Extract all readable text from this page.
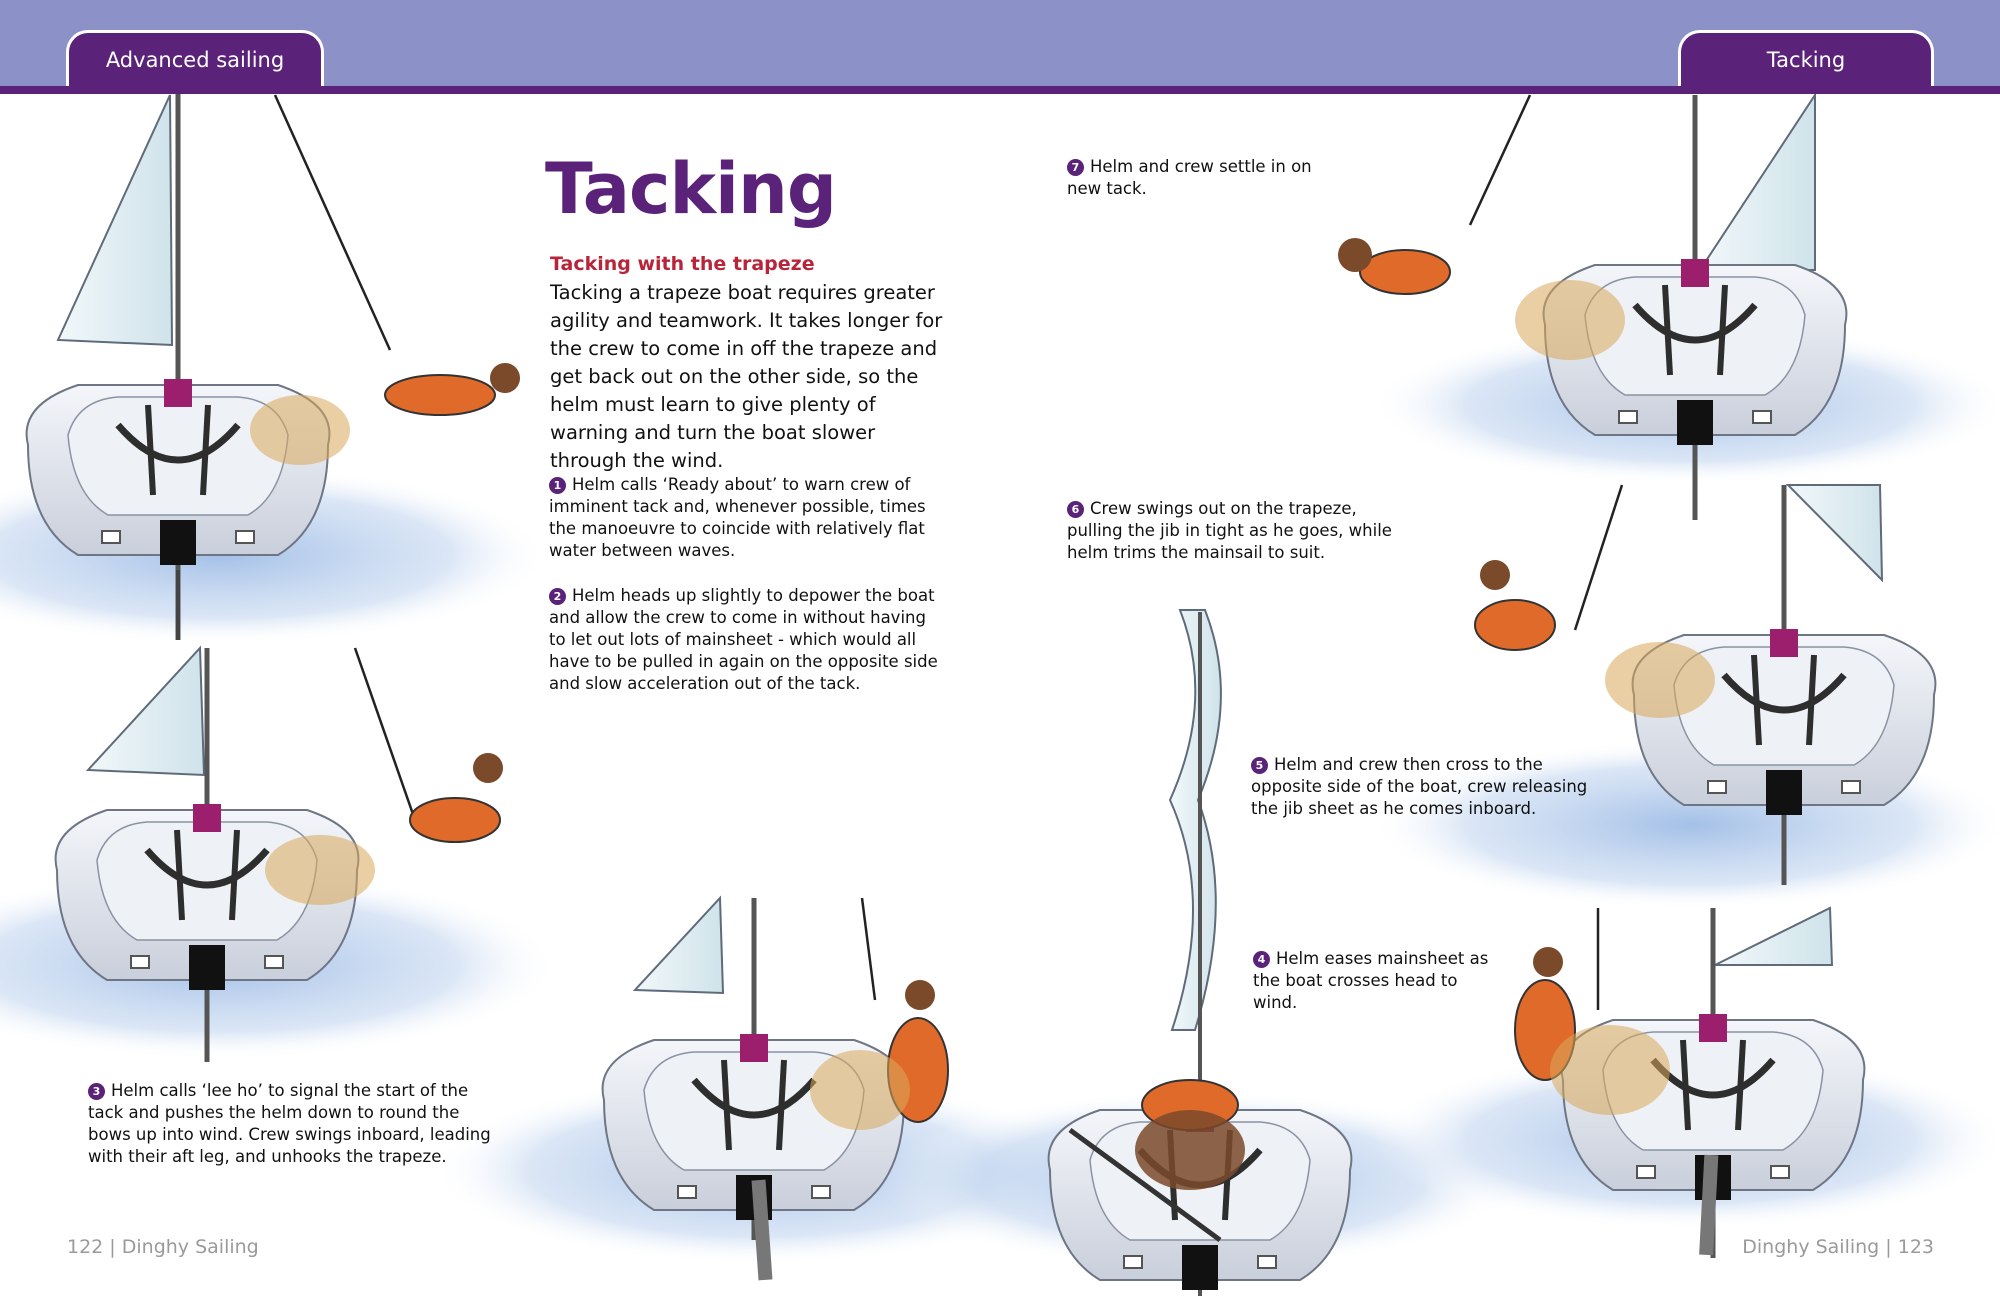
Advanced sailing	Tacking
Tacking
Tacking with the trapeze
Tacking a trapeze boat requires greater agility and teamwork. It takes longer for the crew to come in off the trapeze and get back out on the other side, so the helm must learn to give plenty of warning and turn the boat slower through the wind.
1 Helm calls ‘Ready about’ to warn crew of imminent tack and, whenever possible, times the manoeuvre to coincide with relatively flat water between waves.
2 Helm heads up slightly to depower the boat and allow the crew to come in without having to let out lots of mainsheet - which would all have to be pulled in again on the opposite side and slow acceleration out of the tack.
3 Helm calls ‘lee ho’ to signal the start of the tack and pushes the helm down to round the bows up into wind. Crew swings inboard, leading with their aft leg, and unhooks the trapeze.
4 Helm eases mainsheet as the boat crosses head to wind.
5 Helm and crew then cross to the opposite side of the boat, crew releasing the jib sheet as he comes inboard.
6 Crew swings out on the trapeze, pulling the jib in tight as he goes, while helm trims the mainsail to suit.
7 Helm and crew settle in on new tack.
122 | Dinghy Sailing	Dinghy Sailing | 123
